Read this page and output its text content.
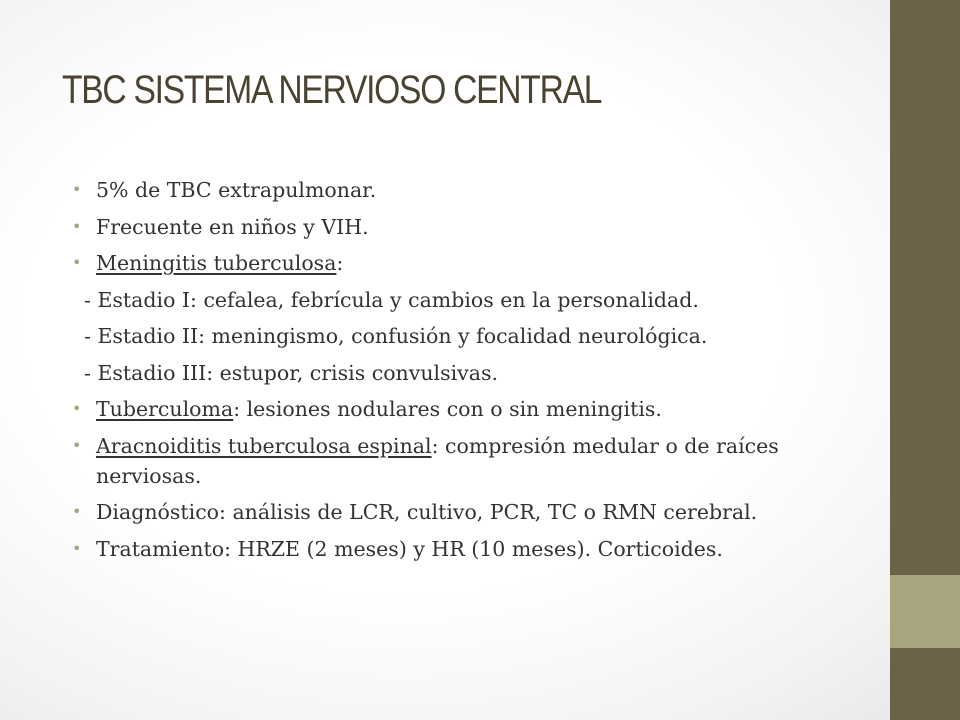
TBC SISTEMA NERVIOSO CENTRAL
• 5% de TBC extrapulmonar.
• Frecuente en niños y VIH.
• Meningitis tuberculosa:
- Estadio I: cefalea, febrícula y cambios en la personalidad.
- Estadio II: meningismo, confusión y focalidad neurológica.
- Estadio III: estupor, crisis convulsivas.
• Tuberculoma: lesiones nodulares con o sin meningitis.
• Aracnoiditis tuberculosa espinal: compresión medular o de raíces nerviosas.
• Diagnóstico: análisis de LCR, cultivo, PCR, TC o RMN cerebral.
• Tratamiento: HRZE (2 meses) y HR (10 meses). Corticoides.
